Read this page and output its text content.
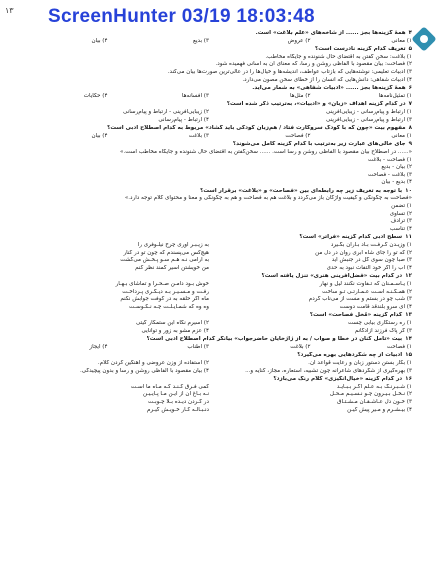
۱۳ ScreenHunter 03/19 18:03:48
۴همهٔ گزینه‌ها بجز ...... از شاخه‌های «علم بلاغت» است.
۱) معانی
۲) عروض
۳) بدیع
۴) بیان
۵تعریف کدام گزینه نادرست است؟
۱) بلاغت: سخن گفتن به اقتضای حال شنونده و جایگاه مخاطب.
۲) فصاحت: بیان مقصود با الفاظی روشن و رسا، که معنای آن به آسانی فهمیده شود.
۳) ادبیات تعلیمی: نوشته‌هایی که بازتاب عواطف، اندیشه‌ها و خیال‌ها را در عالی‌ترین صورت‌ها بیان می‌کند.
۴) ادبیات شفاهی: دانش‌هایی که انسان را از خطای سخن مصون می‌دارد.
۶همهٔ گزینه‌ها بجز ...... «ادبیات شفاهی» به شمار می‌آید.
۱) تمثیل‌نامه‌ها
۲) مثل‌ها
۳) افسانه‌ها
۴) حکایات
۷در کدام گزینه اهداف «زبان» و «ادبیات»، به‌ترتیب ذکر شده است؟
۱) ارتباط و پیام‌رسانی - زیبایی‌آفرینی
۲) زیبایی‌آفرینی - ارتباط و پیام‌رسانی
۳) ارتباط و پیام‌رسانی - زیبایی‌آفرینی
۴) ارتباط - پیام‌رسانی
۸مفهوم بیت «چون که با کودک سروکارت فتاد / هم‌زبان کودکی باید گشاد» مربوط به کدام اصطلاح ادبی است؟
۱) معانی
۲) فصاحت
۳) بلاغت
۴) بیان
۹جای خالی‌های عبارت زیر به‌ترتیب با کدام گزینه کامل می‌شوند؟
«...... در اصطلاح بیان مقصود با الفاظی روشن و رسا است. ...... سخن‌گفتن به اقتضای حال شنونده و جایگاه مخاطب است.»
۱) فصاحت - بلاغت
۲) بیان - بدیع
۳) بلاغت - فصاحت
۴) بدیع - بیان
۱۰با توجه به تعریف زیر چه رابطه‌ای بین «فصاحت» و «بلاغت» برقرار است؟
«فصاحت به چگونگی و کیفیت واژگان باز می‌گردد و بلاغت هم به فصاحت و هم به چگونگی و معنا و محتوای کلام توجه دارد.»
۱) تضمن
۲) تساوی
۳) ترادف
۴) تناسب
۱۱سطح ادبی کدام گزینه «فراتر» است؟
۱) وزیـدن گـرفـت بـاد بـاران بگـیرد
۲) که تو را جای شاه ابری روان در دل من
۳) صبا چون سوی گل در جنبش آید
۴) آب را اگر خود التفات نبود به حدی
به زیـبـر آوری چرخ نیلـوفری را
هیچ‌کس می‌پسندم که چون تو در کنار
به آرامی نـه هـم سـو پـخـش می‌گشت
من خویشتن اسیر کمند نظر کنم
۱۲در کدام بیت «فضل‌آفرینی هنری» تنزل یافته است؟
۱) یـاسـمـنان که تـفاوت نکنند لیل و نهار
۲) همـگـنـه آسـت عـمـارتـی تـو ساخت
۳) شب چو در بستم و مست از می‌ناب گردم
۴) ای سرو بلندقد قامت دوست
خوش بـود دامـن صـحـرا و تماشای بـهـار
رفـت و مـسـیـر بـه دیـگـری پـرداخـت
ماه اگر حلقه به در کوفت جوابش نکنم
وه وه که شمـایـلـت چـه نـکـوسـت
۱۳کدام گزینه «مُخلّ فصاحت» است؟
۱) ره رستگاری بیابی چست
۲) اسیرم نگاه این ستمکار گیتی
۳) گر پاک فرزند آزادگانم
۴) عزم مشو به زور و توانایی
۱۴بیت «تأمل کنان در خطا و صواب / به از ژاژخایان حاضرجواب» بیانگر کدام اصطلاح ادبی است؟
۱) فصاحت
۲) بلاغت
۳) اطناب
۴) ایجاز
۱۵ادبیات از چه شگردهایی بهره می‌گیرد؟
۱) بکار بستن دستور زبان و رعایت قواعد آن.
۲) استفاده از وزن عروضی و آهنگین کردن کلام.
۳) بهره‌گیری از شگردهای شاعرانه چون تشبیه، استعاره، مجاز، کنایه و...
۴) بیان مقصود با الفاظی روشن و رسا و بدون پیچیدگی.
۱۶در کدام گزینه «خیال‌انگیزی» کلام رنگ می‌بازد؟
۱) شـبـرنـگ بـه عـلم اگـر بـبـایـد
۲) نـخـل بـیـرون چـو نـسـیـم مـحـل
۳) خـون دل عـاشـقـان مـشـتـاق
۴) بیـشـرم و مـیر پیش کیـن
کمی فـرق کـنـد کـه مـاه ما اسـت
نـه بـاغ آن از ایـن مـا پـایـیـن
در گـردن دیـده بـلا چـوبـت
دنـبـالـه کـار خـویـش گیـرم
